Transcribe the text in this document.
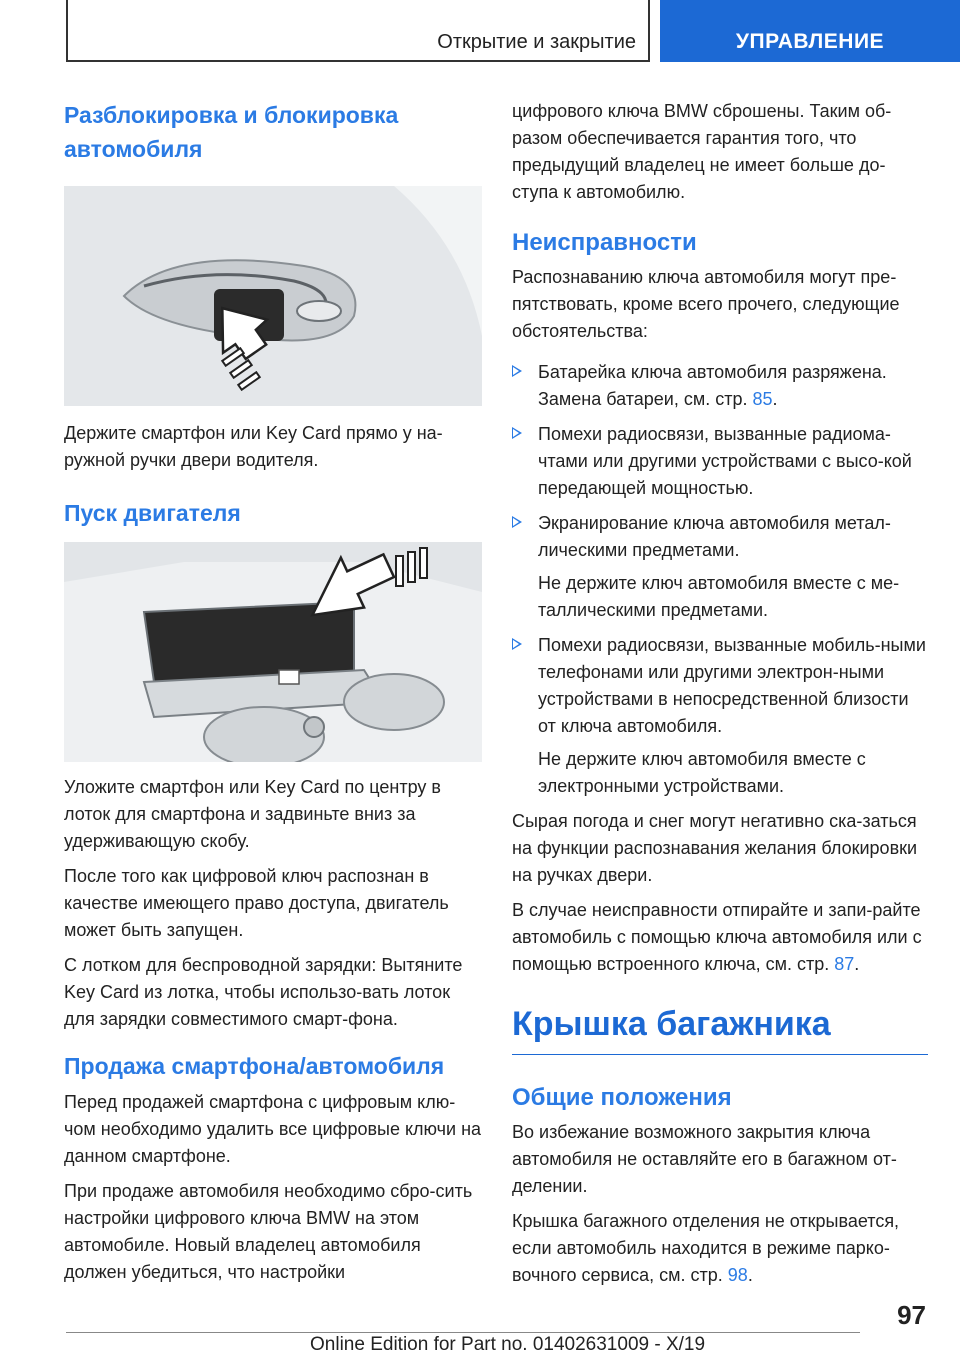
Открытие и закрытие	УПРАВЛЕНИЕ
Разблокировка и блокировка автомобиля

Держите смартфон или Key Card прямо у на-ружной ручки двери водителя.

Пуск двигателя

Уложите смартфон или Key Card по центру в лоток для смартфона и задвиньте вниз за удерживающую скобу.

После того как цифровой ключ распознан в качестве имеющего право доступа, двигатель может быть запущен.

С лотком для беспроводной зарядки: Вытяните Key Card из лотка, чтобы использо-вать лоток для зарядки совместимого смарт-фона.

Продажа смартфона/автомобиля

Перед продажей смартфона с цифровым клю-чом необходимо удалить все цифровые ключи на данном смартфоне.

При продаже автомобиля необходимо сбро-сить настройки цифрового ключа BMW на этом автомобиле. Новый владелец автомобиля должен убедиться, что настройки

цифрового ключа BMW сброшены. Таким об-разом обеспечивается гарантия того, что предыдущий владелец не имеет больше до-ступа к автомобилю.

Неисправности

Распознаванию ключа автомобиля могут пре-пятствовать, кроме всего прочего, следующие обстоятельства:

Батарейка ключа автомобиля разряжена. Замена батареи, см. стр. 85.
Помехи радиосвязи, вызванные радиома-чтами или другими устройствами с высо-кой передающей мощностью.
Экранирование ключа автомобиля метал-лическими предметами.

Не держите ключ автомобиля вместе с ме-таллическими предметами.

Помехи радиосвязи, вызванные мобиль-ными телефонами или другими электрон-ными устройствами в непосредственной близости от ключа автомобиля.

Не держите ключ автомобиля вместе с электронными устройствами.

Сырая погода и снег могут негативно ска-заться на функции распознавания желания блокировки на ручках двери.

В случае неисправности отпирайте и запи-райте автомобиль с помощью ключа автомобиля или с помощью встроенного ключа, см. стр. 87.

Крышка багажника
Общие положения

Во избежание возможного закрытия ключа автомобиля не оставляйте его в багажном от-делении.

Крышка багажного отделения не открывается, если автомобиль находится в режиме парко-вочного сервиса, см. стр. 98.

97
Online Edition for Part no. 01402631009 - X/19
